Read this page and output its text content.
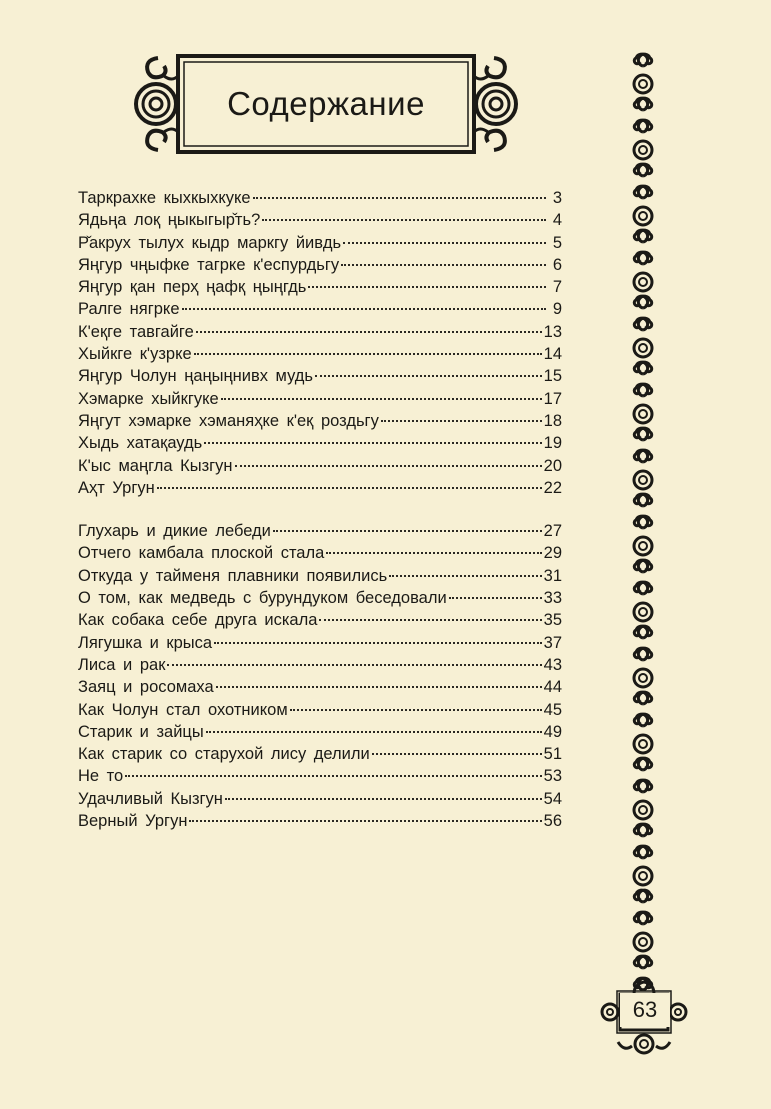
Содержание
Таркрахке кыхкыхкуке	3
Ядьңа лоқ ңыкыгыр̌ть?	4
Р̌акрух тылух кыдр маркгу йивдь	5
Яңгур чңыфке тагрке к'еспурдьгу	6
Яңгур қан перҳ ңафқ ңыңгдь	7
Ралге нягрке	9
К'еқге тавгайге	13
Хыйкге к'узрке	14
Яңгур Чолун ңаңыңнивх мудь	15
Хэмарке хыйкгуке	17
Яңгут хэмарке хэманяҳке к'еқ роздьгу	18
Хыдь хатақаудь	19
К'ыс маңгла Кызгун	20
Аҳт Ургун	22
Глухарь и дикие лебеди	27
Отчего камбала плоской стала	29
Откуда у тайменя плавники появились	31
О том, как медведь с бурундуком беседовали	33
Как собака себе друга искала	35
Лягушка и крыса	37
Лиса и рак	43
Заяц и росомаха	44
Как Чолун стал охотником	45
Старик и зайцы	49
Как старик со старухой лису делили	51
Не то	53
Удачливый Кызгун	54
Верный Ургун	56
63
